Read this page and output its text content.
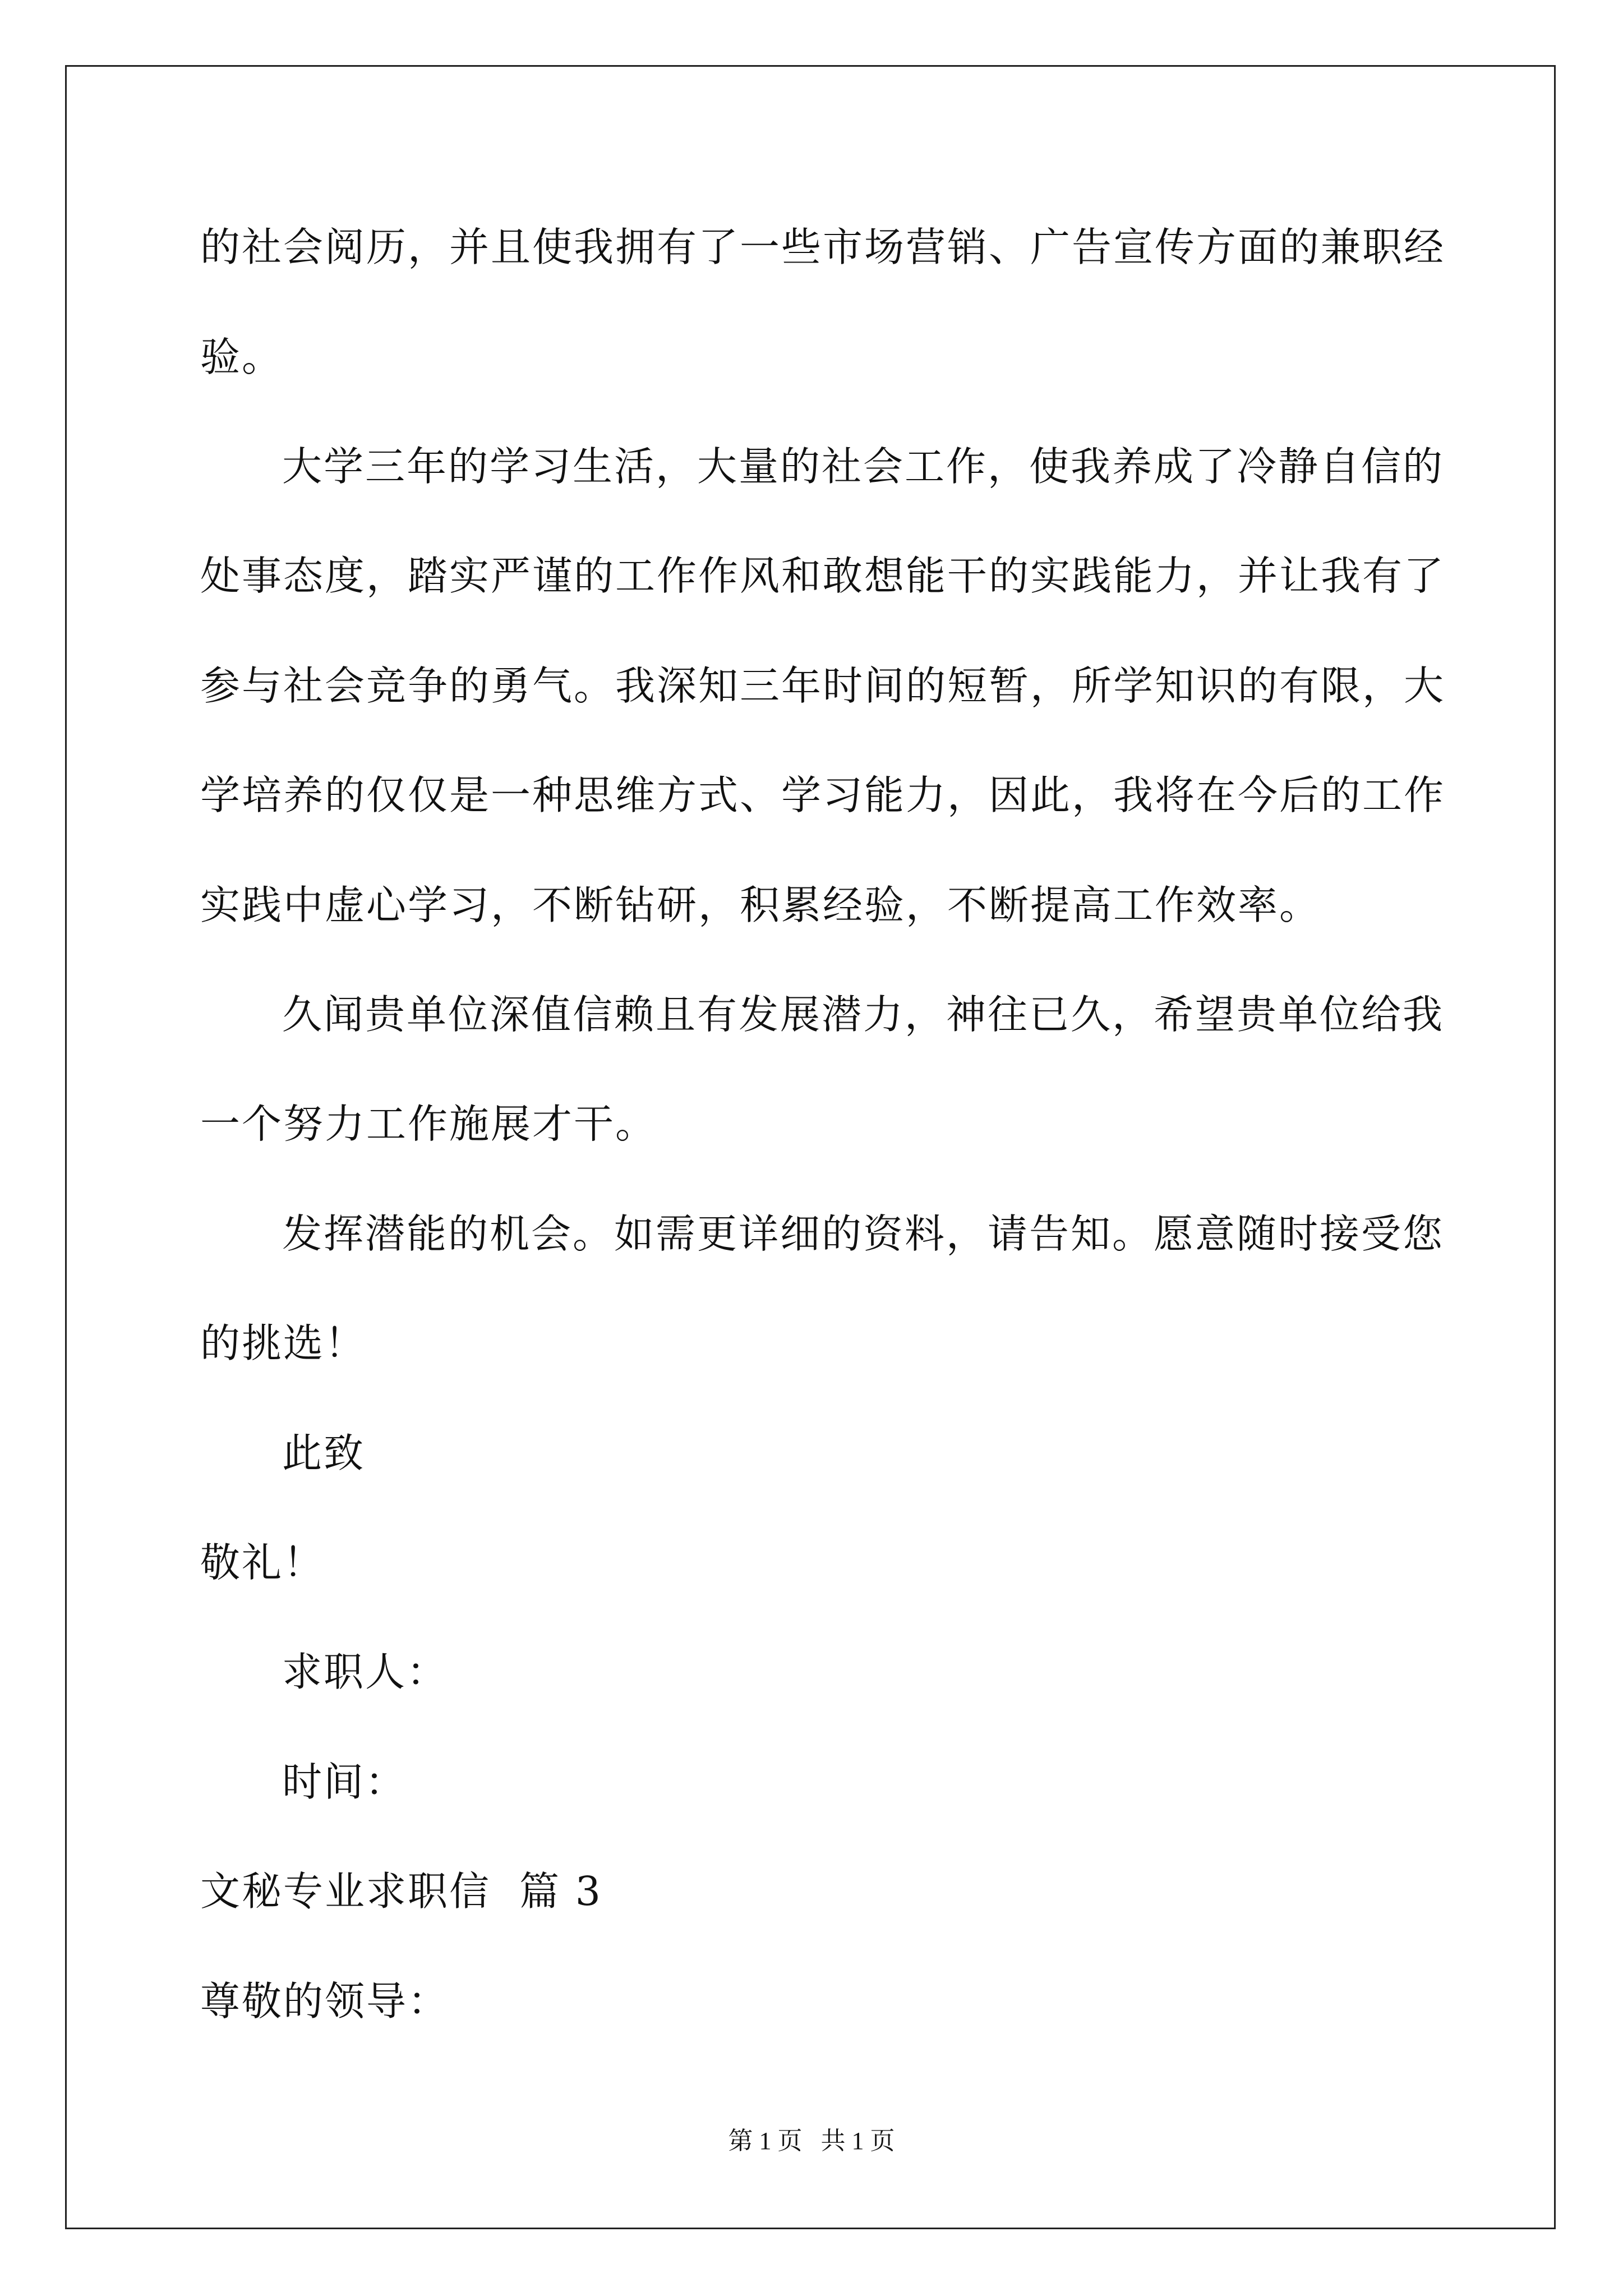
的社会阅历，并且使我拥有了一些市场营销、广告宣传方面的兼职经

验。

大学三年的学习生活，大量的社会工作，使我养成了冷静自信的

处事态度，踏实严谨的工作作风和敢想能干的实践能力，并让我有了

参与社会竞争的勇气。我深知三年时间的短暂，所学知识的有限，大

学培养的仅仅是一种思维方式、学习能力，因此，我将在今后的工作

实践中虚心学习，不断钻研，积累经验，不断提高工作效率。

久闻贵单位深值信赖且有发展潜力，神往已久，希望贵单位给我

一个努力工作施展才干。

发挥潜能的机会。如需更详细的资料，请告知。愿意随时接受您

的挑选！

此致

敬礼！

求职人：

时间：

文秘专业求职信  篇 3

尊敬的领导：

第 1 页   共 1 页
